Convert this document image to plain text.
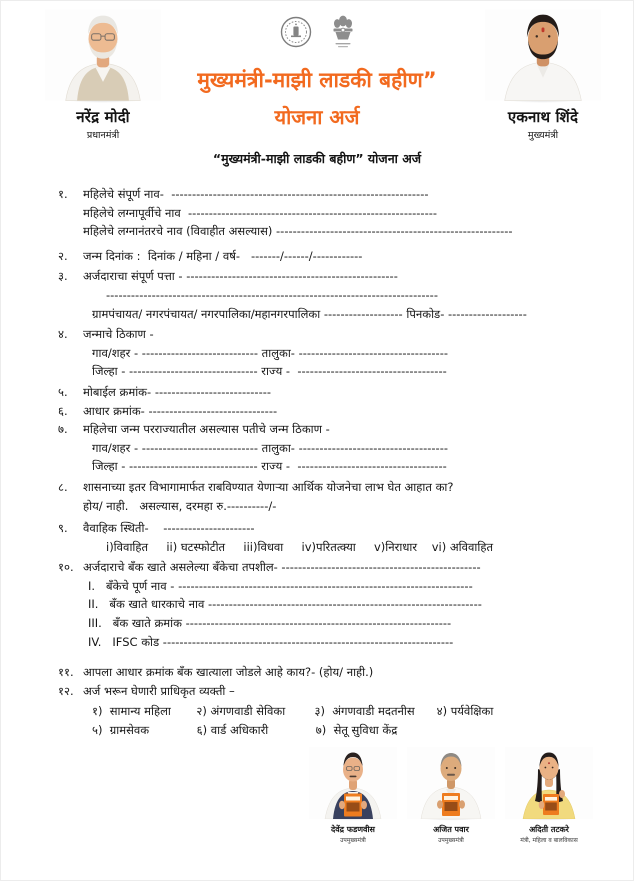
नरेंद्र मोदी
प्रधानमंत्री
एकनाथ शिंदे
मुख्यमंत्री
मुख्यमंत्री-माझी लाडकी बहीण”
योजना अर्ज
“मुख्यमंत्री-माझी लाडकी बहीण” योजना अर्ज
१.	महिलेचे संपूर्ण नाव-  --------------------------------------------------------------
महिलेचे लग्नापूर्वीचे नाव  ------------------------------------------------------------
महिलेचे लग्नानंतरचे नाव (विवाहीत असल्यास) ---------------------------------------------------------
२.	जन्म दिनांक :  दिनांक / महिना / वर्ष-   -------/------/------------
३.	अर्जदाराचा संपूर्ण पत्ता - ---------------------------------------------------
--------------------------------------------------------------------------------
ग्रामपंचायत/ नगरपंचायत/ नगरपालिका/महानगरपालिका ------------------- पिनकोड- -------------------
४.	जन्माचे ठिकाण -
गाव/शहर - ---------------------------- तालुका- ------------------------------------
जिल्हा - ------------------------------- राज्य -  ------------------------------------
५.	मोबाईल क्रमांक- ----------------------------
६.	आधार क्रमांक- -------------------------------
७.	महिलेचा जन्म परराज्यातील असल्यास पतीचे जन्म ठिकाण -
गाव/शहर - ---------------------------- तालुका- ------------------------------------
जिल्हा - ------------------------------- राज्य -  ------------------------------------
८.	शासनाच्या इतर विभागामार्फत राबविण्यात येणाऱ्या आर्थिक योजनेचा लाभ घेत आहात का?
होय/ नाही.   असल्यास, दरमहा रु.----------/-
९.	वैवाहिक स्थिती-    ----------------------
i)विवाहित     ii) घटस्फोटीत     iii)विधवा     iv)परितत्क्या     v)निराधार    vi) अविवाहित
१०. अर्जदाराचे बँक खाते असलेल्या बँकेचा तपशील- ------------------------------------------------
I.   बँकेचे पूर्ण नाव - -----------------------------------------------------------------------
II.   बँक खाते धारकाचे नाव ------------------------------------------------------------------
III.   बँक खाते क्रमांक ----------------------------------------------------------------
IV.   IFSC कोड ----------------------------------------------------------------------
११. आपला आधार क्रमांक बँक खात्याला जोडले आहे काय?- (होय/ नाही.)
१२. अर्ज भरून घेणारी प्राधिकृत व्यक्ती –
१)  सामान्य महिला       २) अंगणवाडी सेविका        ३)  अंगणवाडी मदतनीस      ४) पर्यवेक्षिका
५)  ग्रामसेवक             ६) वार्ड अधिकारी             ७)  सेतू सुविधा केंद्र
देवेंद्र फडणवीस
उपमुख्यमंत्री
अजित पवार
उपमुख्यमंत्री
अदिती तटकरे
मंत्री, महिला व बालविकास
